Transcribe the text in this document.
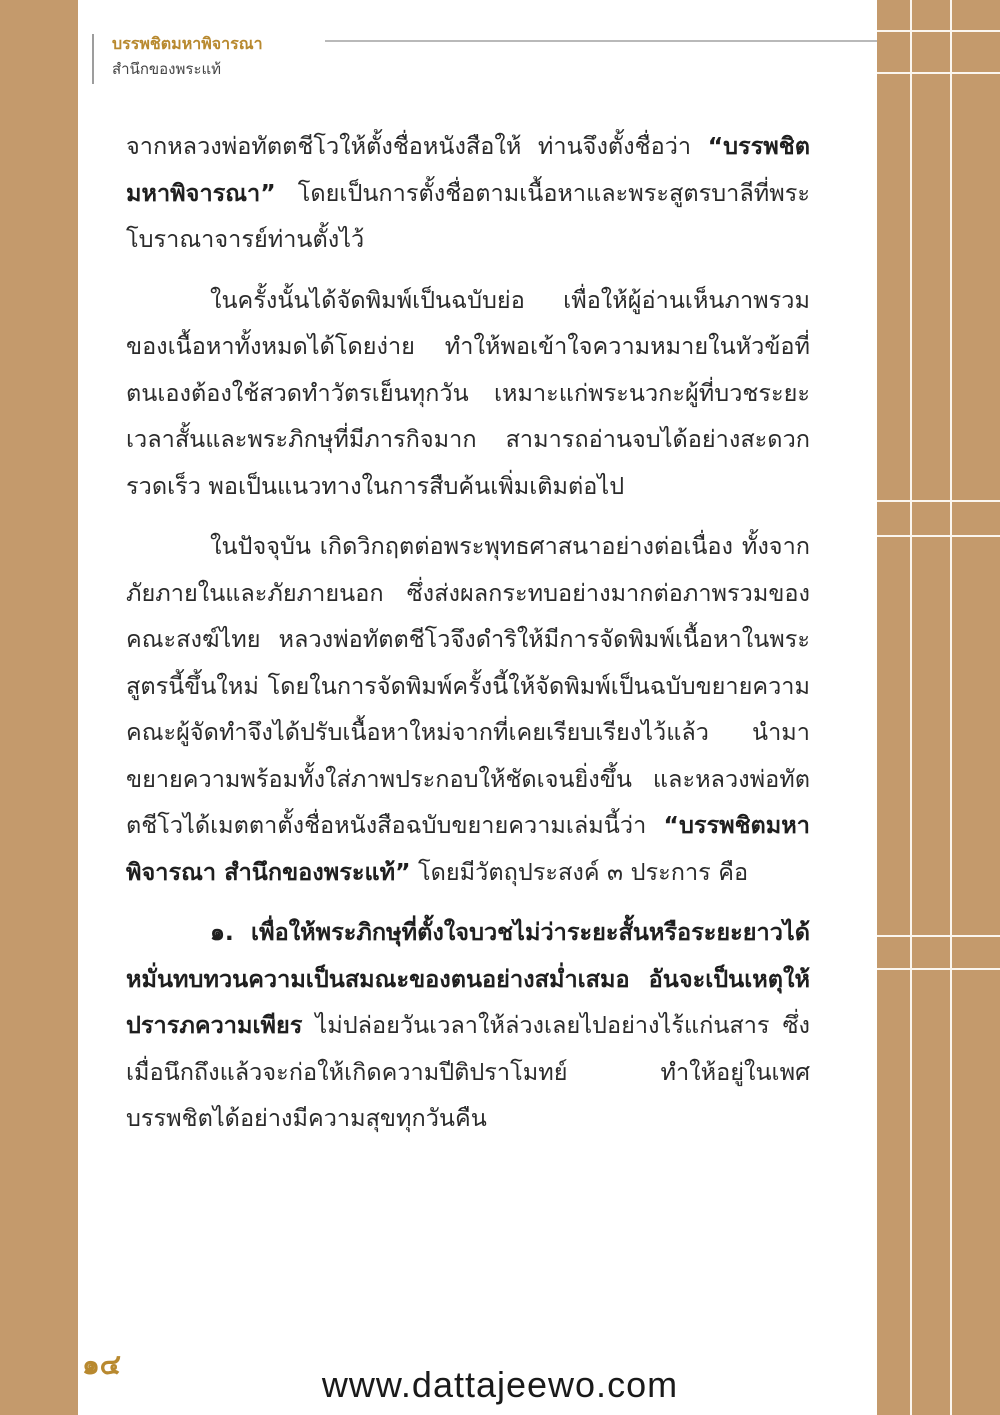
บรรพชิตมหาพิจารณา
สำนึกของพระแท้

จากหลวงพ่อทัตตชีโวให้ตั้งชื่อหนังสือให้ ท่านจึงตั้งชื่อว่า “บรรพชิตมหาพิจารณา” โดยเป็นการตั้งชื่อตามเนื้อหาและพระสูตรบาลีที่พระโบราณาจารย์ท่านตั้งไว้

ในครั้งนั้นได้จัดพิมพ์เป็นฉบับย่อ เพื่อให้ผู้อ่านเห็นภาพรวมของเนื้อหาทั้งหมดได้โดยง่าย ทำให้พอเข้าใจความหมายในหัวข้อที่ตนเองต้องใช้สวดทำวัตรเย็นทุกวัน เหมาะแก่พระนวกะผู้ที่บวชระยะเวลาสั้นและพระภิกษุที่มีภารกิจมาก สามารถอ่านจบได้อย่างสะดวกรวดเร็ว พอเป็นแนวทางในการสืบค้นเพิ่มเติมต่อไป

ในปัจจุบัน เกิดวิกฤตต่อพระพุทธศาสนาอย่างต่อเนื่อง ทั้งจากภัยภายในและภัยภายนอก ซึ่งส่งผลกระทบอย่างมากต่อภาพรวมของคณะสงฆ์ไทย หลวงพ่อทัตตชีโวจึงดำริให้มีการจัดพิมพ์เนื้อหาในพระสูตรนี้ขึ้นใหม่ โดยในการจัดพิมพ์ครั้งนี้ให้จัดพิมพ์เป็นฉบับขยายความ คณะผู้จัดทำจึงได้ปรับเนื้อหาใหม่จากที่เคยเรียบเรียงไว้แล้ว นำมาขยายความพร้อมทั้งใส่ภาพประกอบให้ชัดเจนยิ่งขึ้น และหลวงพ่อทัตตชีโวได้เมตตาตั้งชื่อหนังสือฉบับขยายความเล่มนี้ว่า “บรรพชิตมหาพิจารณา สำนึกของพระแท้” โดยมีวัตถุประสงค์ ๓ ประการ คือ

๑. เพื่อให้พระภิกษุที่ตั้งใจบวชไม่ว่าระยะสั้นหรือระยะยาวได้หมั่นทบทวนความเป็นสมณะของตนอย่างสม่ำเสมอ อันจะเป็นเหตุให้ปรารภความเพียร ไม่ปล่อยวันเวลาให้ล่วงเลยไปอย่างไร้แก่นสาร ซึ่งเมื่อนึกถึงแล้วจะก่อให้เกิดความปีติปราโมทย์ ทำให้อยู่ในเพศบรรพชิตได้อย่างมีความสุขทุกวันคืน

๑๔	www.dattajeewo.com
